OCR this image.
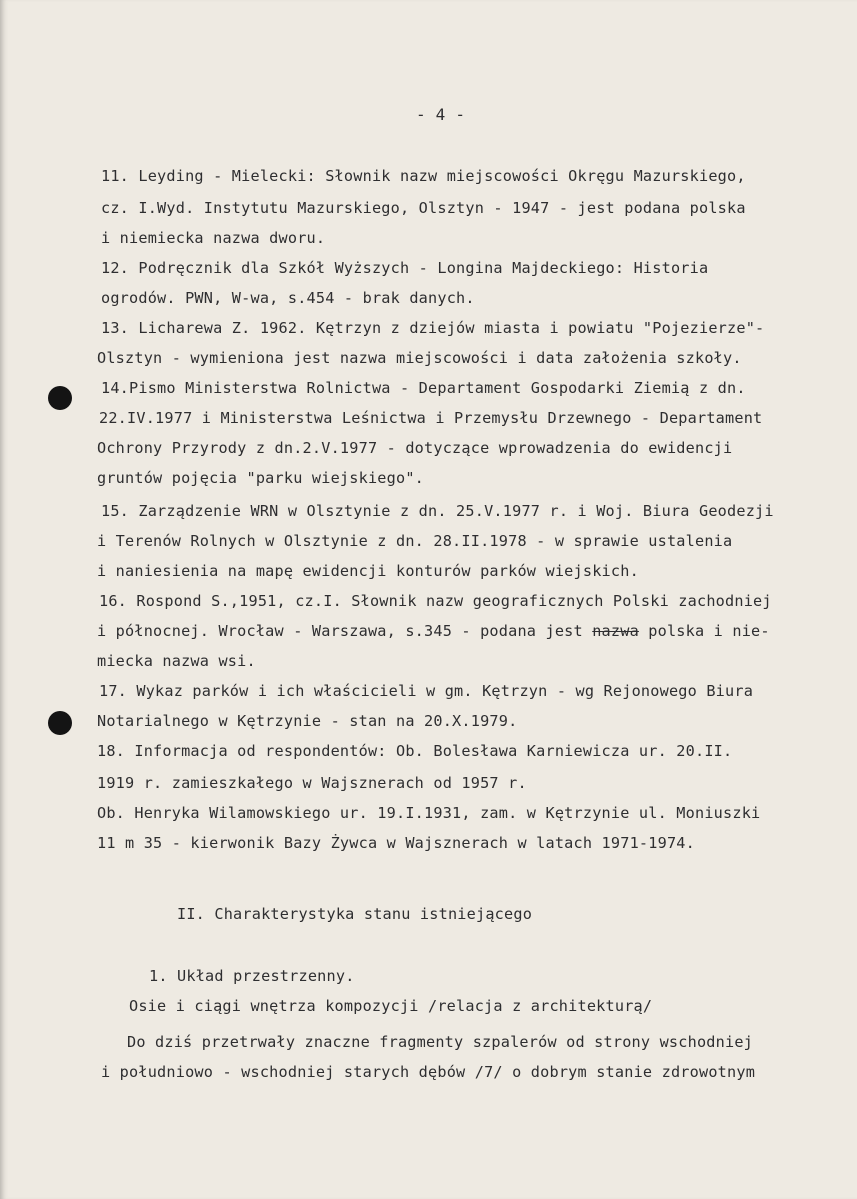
- 4 -
11. Leyding - Mielecki: Słownik nazw miejscowości Okręgu Mazurskiego,
cz. I.Wyd. Instytutu Mazurskiego, Olsztyn - 1947 - jest podana polska
i niemiecka nazwa dworu.
12. Podręcznik dla Szkół Wyższych - Longina Majdeckiego: Historia
ogrodów. PWN, W-wa, s.454 - brak danych.
13. Licharewa Z. 1962. Kętrzyn z dziejów miasta i powiatu "Pojezierze"-
Olsztyn - wymieniona jest nazwa miejscowości i data założenia szkoły.
14.Pismo Ministerstwa Rolnictwa - Departament Gospodarki Ziemią z dn.
22.IV.1977 i Ministerstwa Leśnictwa i Przemysłu Drzewnego - Departament
Ochrony Przyrody z dn.2.V.1977 - dotyczące wprowadzenia do ewidencji
gruntów pojęcia "parku wiejskiego".
15. Zarządzenie WRN w Olsztynie z dn. 25.V.1977 r. i Woj. Biura Geodezji
i Terenów Rolnych w Olsztynie z dn. 28.II.1978 - w sprawie ustalenia
i naniesienia na mapę ewidencji konturów parków wiejskich.
16. Rospond S.,1951, cz.I. Słownik nazw geograficznych Polski zachodniej
i północnej. Wrocław - Warszawa, s.345 - podana jest nazwa polska i nie-
miecka nazwa wsi.
17. Wykaz parków i ich właścicieli w gm. Kętrzyn - wg Rejonowego Biura
Notarialnego w Kętrzynie - stan na 20.X.1979.
18. Informacja od respondentów: Ob. Bolesława Karniewicza ur. 20.II.
1919 r. zamieszkałego w Wajsznerach od 1957 r.
Ob. Henryka Wilamowskiego ur. 19.I.1931, zam. w Kętrzynie ul. Moniuszki
11 m 35 - kierwonik Bazy Żywca w Wajsznerach w latach 1971-1974.
II. Charakterystyka stanu istniejącego
1. Układ przestrzenny.
Osie i ciągi wnętrza kompozycji /relacja z architekturą/
Do dziś przetrwały znaczne fragmenty szpalerów od strony wschodniej
i południowo - wschodniej starych dębów /7/ o dobrym stanie zdrowotnym
